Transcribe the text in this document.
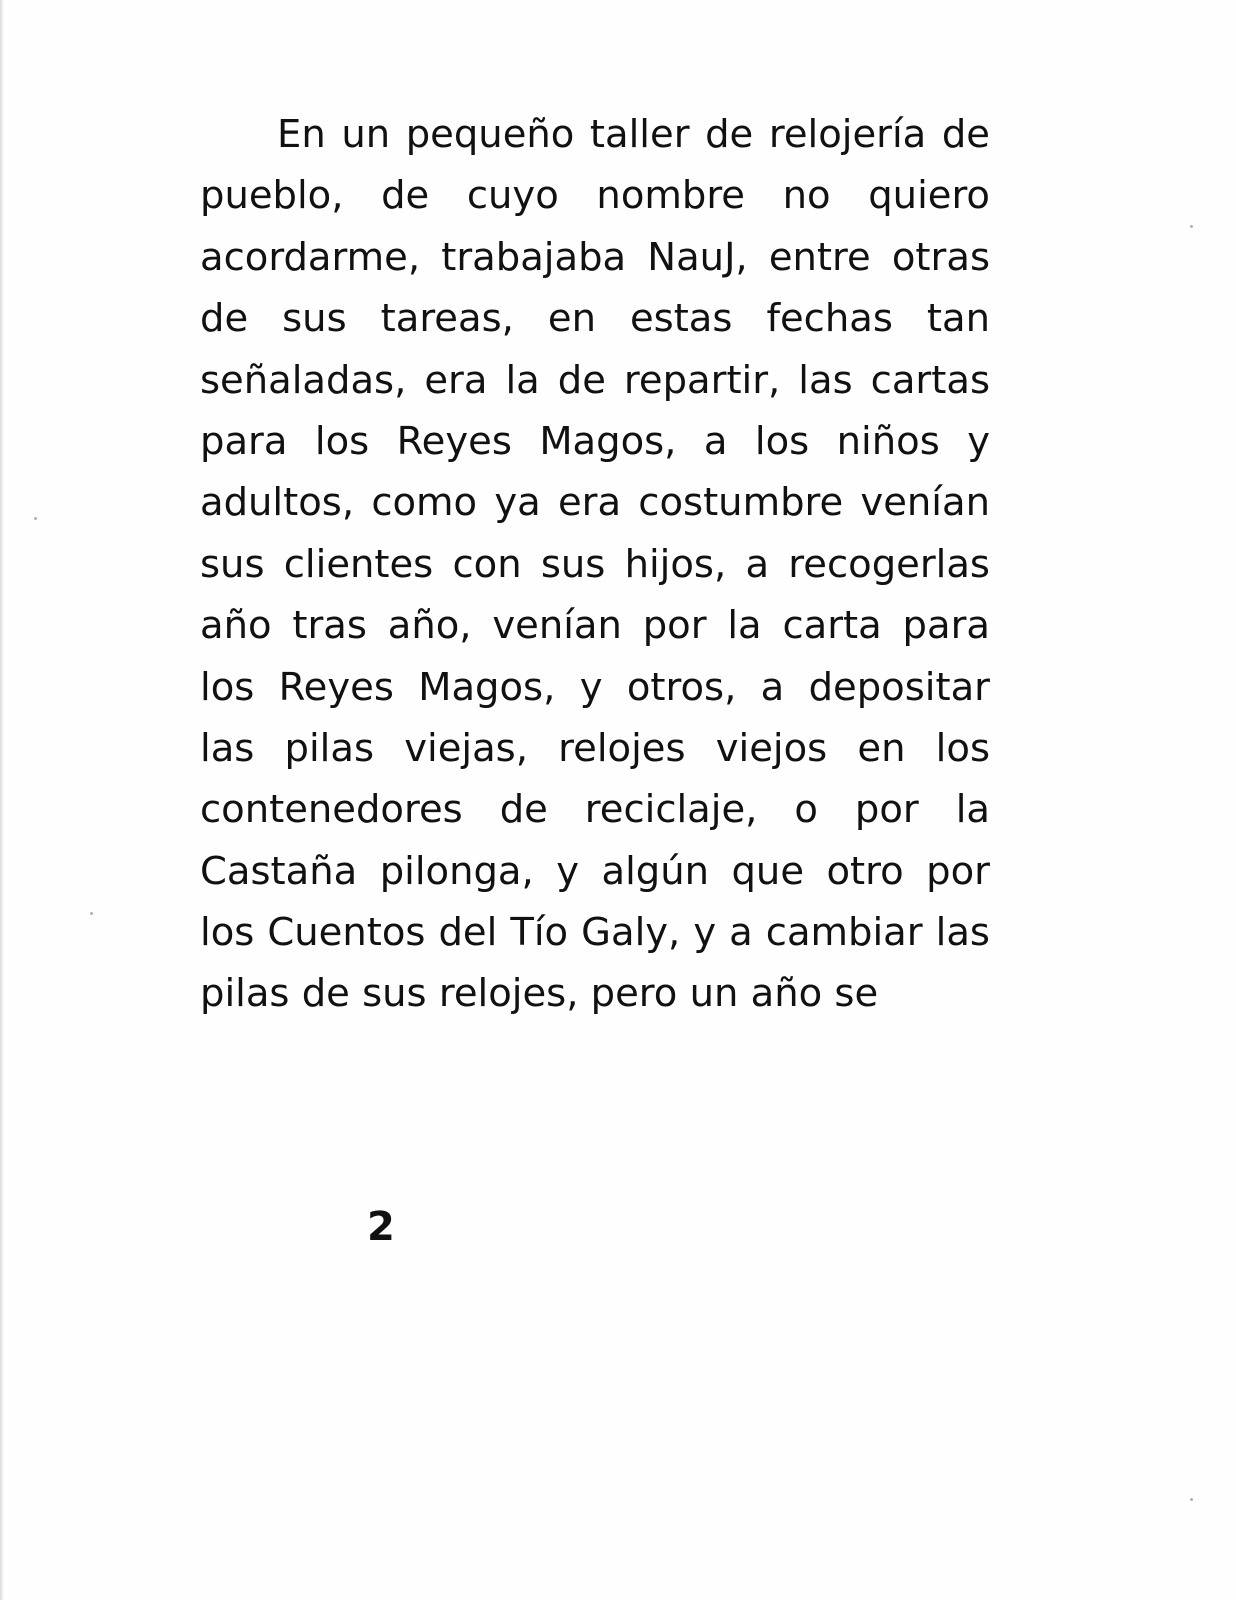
En un pequeño taller de relojería de
pueblo, de cuyo nombre no quiero
acordarme, trabajaba NauJ, entre otras
de sus tareas, en estas fechas tan
señaladas, era la de repartir, las cartas
para los Reyes Magos, a los niños y
adultos, como ya era costumbre venían
sus clientes con sus hijos, a recogerlas
año tras año, venían por la carta para
los Reyes Magos, y otros, a depositar
las pilas viejas, relojes viejos en los
contenedores de reciclaje, o por la
Castaña pilonga, y algún que otro por
los Cuentos del Tío Galy, y a cambiar las
pilas de sus relojes, pero un año se
2
